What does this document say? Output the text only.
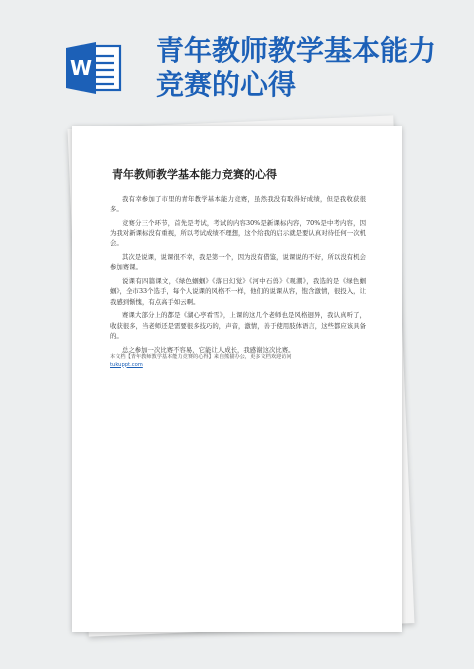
W
青年教师教学基本能力竞赛的心得
青年教师教学基本能力竞赛的心得

我有幸参加了市里的青年教学基本能力竞赛，虽然我没有取得好成绩，但是我收获很多。

竞赛分三个环节，首先是考试，考试的内容30%是新课标内容，70%是中考内容，因为我对新课标没有重视，所以考试成绩不理想，这个给我的启示就是要认真对待任何一次机会。

其次是说课，说课很不幸，我是第一个，因为没有借鉴，说课说的不好，所以没有机会参加赛课。

说课有四篇课文，《绿色蝈蝈》《落日幻觉》《河中石兽》《观潮》，我选的是《绿色蝈蝈》，全市33个选手，每个人说课的风格不一样，他们的说课从容，饱含激情，很投入，让我感到惭愧，有点高手如云啊。

赛课大部分上的都是《湖心亭看雪》，上课的这几个老师也是风格迥异，我认真听了，收获很多，当老师还是需要很多技巧的，声音，激情，善于使用肢体语言，这些都应该具备的。

总之参加一次比赛不容易，它能让人成长，我感谢这次比赛。

本文档【青年教师教学基本能力竞赛的心得】来自熊猫办公，更多文档欢迎访问
tukuppt.com
